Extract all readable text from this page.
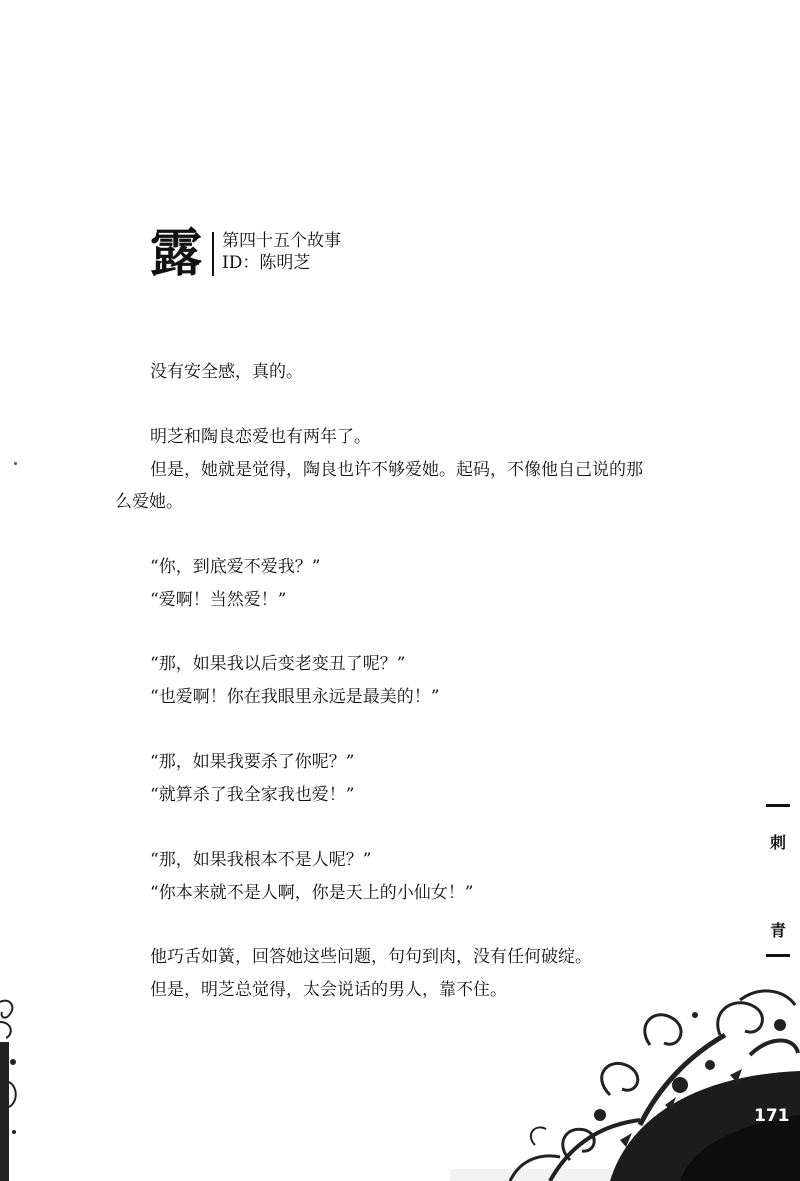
露	第四十五个故事
ID： 陈明芝
没有安全感，真的。
明芝和陶良恋爱也有两年了。
但是，她就是觉得，陶良也许不够爱她。起码，不像他自己说的那
么爱她。
“你，到底爱不爱我？”
“爱啊！当然爱！”
“那，如果我以后变老变丑了呢？”
“也爱啊！你在我眼里永远是最美的！”
“那，如果我要杀了你呢？”
“就算杀了我全家我也爱！”
“那，如果我根本不是人呢？”
“你本来就不是人啊，你是天上的小仙女！”
他巧舌如簧，回答她这些问题，句句到肉，没有任何破绽。
但是，明芝总觉得，太会说话的男人，靠不住。
刺
青
171
